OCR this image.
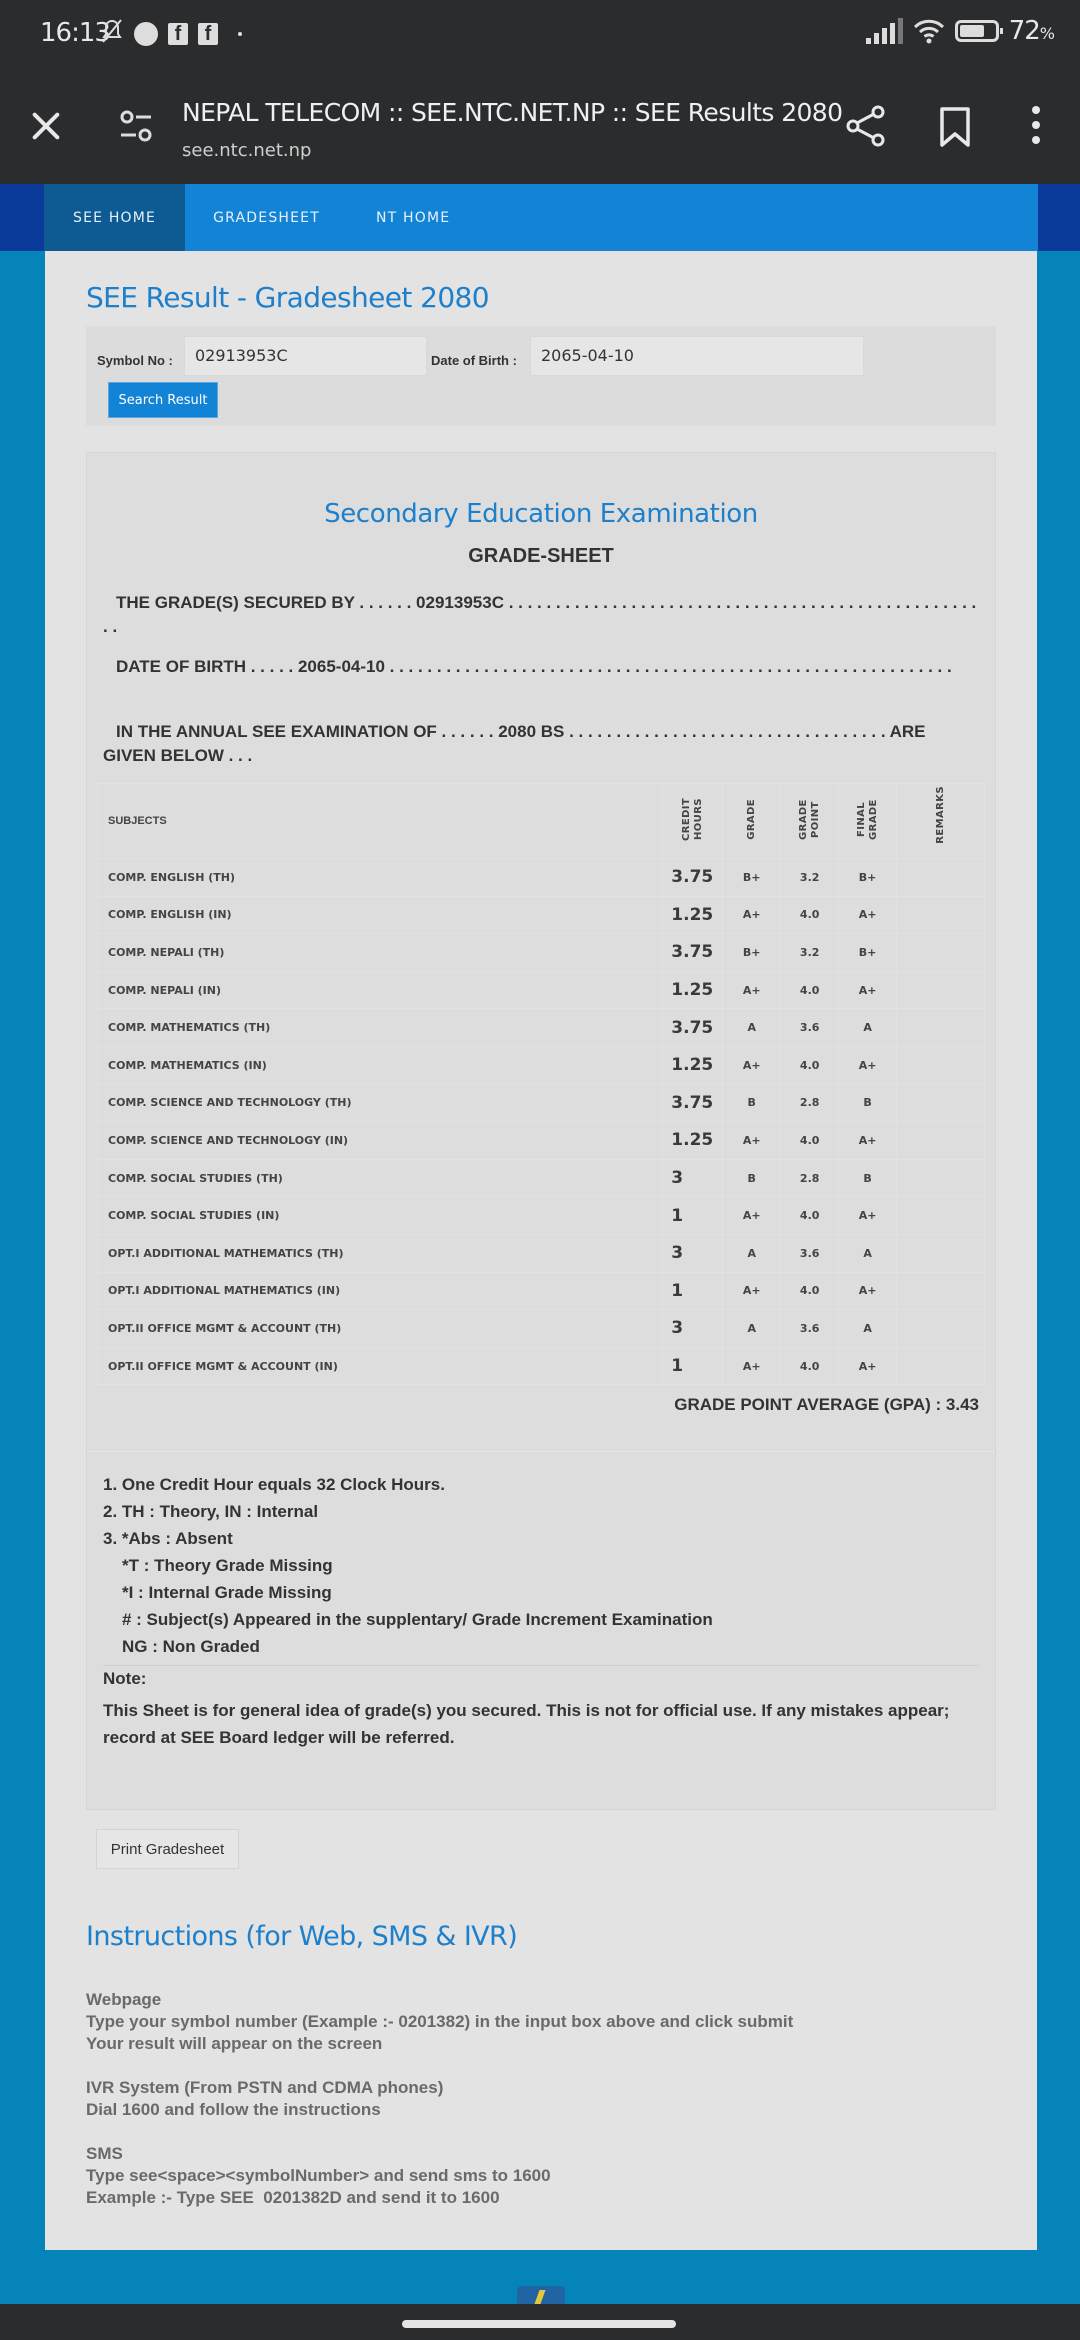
16:13	f	f	72%
NEPAL TELECOM :: SEE.NTC.NET.NP :: SEE Results 2080
see.ntc.net.np
SEE HOME	GRADESHEET	NT HOME
SEE Result - Gradesheet 2080
Symbol No :	02913953C	Date of Birth :	2065-04-10
Search Result
Secondary Education Examination
GRADE-SHEET
THE GRADE(S) SECURED BY . . . . . . 02913953C . . . . . . . . . . . . . . . . . . . . . . . . . . . . . . . . . . . . . . . . . . . . . . . . . . . .
DATE OF BIRTH . . . . . 2065-04-10 . . . . . . . . . . . . . . . . . . . . . . . . . . . . . . . . . . . . . . . . . . . . . . . . . . . . . . . . . . . .
IN THE ANNUAL SEE EXAMINATION OF . . . . . . 2080 BS . . . . . . . . . . . . . . . . . . . . . . . . . . . . . . . . . . ARE GIVEN BELOW . . .
SUBJECTS	CREDIT HOURS	GRADE	GRADE POINT	FINAL GRADE	REMARKS
COMP. ENGLISH (TH)	3.75	B+	3.2	B+	
COMP. ENGLISH (IN)	1.25	A+	4.0	A+	
COMP. NEPALI (TH)	3.75	B+	3.2	B+	
COMP. NEPALI (IN)	1.25	A+	4.0	A+	
COMP. MATHEMATICS (TH)	3.75	A	3.6	A	
COMP. MATHEMATICS (IN)	1.25	A+	4.0	A+	
COMP. SCIENCE AND TECHNOLOGY (TH)	3.75	B	2.8	B	
COMP. SCIENCE AND TECHNOLOGY (IN)	1.25	A+	4.0	A+	
COMP. SOCIAL STUDIES (TH)	3	B	2.8	B	
COMP. SOCIAL STUDIES (IN)	1	A+	4.0	A+	
OPT.I ADDITIONAL MATHEMATICS (TH)	3	A	3.6	A	
OPT.I ADDITIONAL MATHEMATICS (IN)	1	A+	4.0	A+	
OPT.II OFFICE MGMT & ACCOUNT (TH)	3	A	3.6	A	
OPT.II OFFICE MGMT & ACCOUNT (IN)	1	A+	4.0	A+	
GRADE POINT AVERAGE (GPA) : 3.43
1. One Credit Hour equals 32 Clock Hours.
2. TH : Theory, IN : Internal
3. *Abs : Absent
*T : Theory Grade Missing
*I : Internal Grade Missing
# : Subject(s) Appeared in the supplentary/ Grade Increment Examination
NG : Non Graded
Note:
This Sheet is for general idea of grade(s) you secured. This is not for official use. If any mistakes appear; record at SEE Board ledger will be referred.
Print Gradesheet
Instructions (for Web, SMS & IVR)
Webpage
Type your symbol number (Example :- 0201382) in the input box above and click submit
Your result will appear on the screen
IVR System (From PSTN and CDMA phones)
Dial 1600 and follow the instructions
SMS
Type see<space><symbolNumber> and send sms to 1600
Example :- Type SEE  0201382D and send it to 1600
